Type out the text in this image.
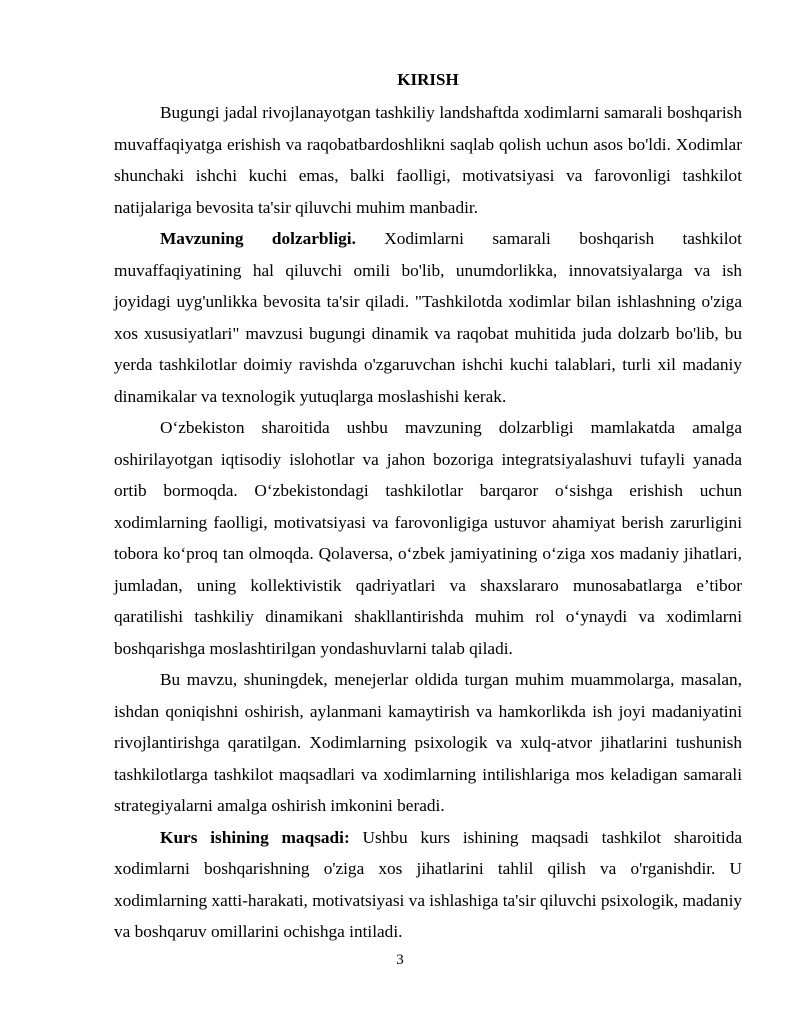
KIRISH

Bugungi jadal rivojlanayotgan tashkiliy landshaftda xodimlarni samarali boshqarish muvaffaqiyatga erishish va raqobatbardoshlikni saqlab qolish uchun asos bo'ldi. Xodimlar shunchaki ishchi kuchi emas, balki faolligi, motivatsiyasi va farovonligi tashkilot natijalariga bevosita ta'sir qiluvchi muhim manbadir.

Mavzuning dolzarbligi. Xodimlarni samarali boshqarish tashkilot muvaffaqiyatining hal qiluvchi omili bo'lib, unumdorlikka, innovatsiyalarga va ish joyidagi uyg'unlikka bevosita ta'sir qiladi. "Tashkilotda xodimlar bilan ishlashning o'ziga xos xususiyatlari" mavzusi bugungi dinamik va raqobat muhitida juda dolzarb bo'lib, bu yerda tashkilotlar doimiy ravishda o'zgaruvchan ishchi kuchi talablari, turli xil madaniy dinamikalar va texnologik yutuqlarga moslashishi kerak.

O‘zbekiston sharoitida ushbu mavzuning dolzarbligi mamlakatda amalga oshirilayotgan iqtisodiy islohotlar va jahon bozoriga integratsiyalashuvi tufayli yanada ortib bormoqda. O‘zbekistondagi tashkilotlar barqaror o‘sishga erishish uchun xodimlarning faolligi, motivatsiyasi va farovonligiga ustuvor ahamiyat berish zarurligini tobora ko‘proq tan olmoqda. Qolaversa, o‘zbek jamiyatining o‘ziga xos madaniy jihatlari, jumladan, uning kollektivistik qadriyatlari va shaxslararo munosabatlarga e’tibor qaratilishi tashkiliy dinamikani shakllantirishda muhim rol o‘ynaydi va xodimlarni boshqarishga moslashtirilgan yondashuvlarni talab qiladi.

Bu mavzu, shuningdek, menejerlar oldida turgan muhim muammolarga, masalan, ishdan qoniqishni oshirish, aylanmani kamaytirish va hamkorlikda ish joyi madaniyatini rivojlantirishga qaratilgan. Xodimlarning psixologik va xulq-atvor jihatlarini tushunish tashkilotlarga tashkilot maqsadlari va xodimlarning intilishlariga mos keladigan samarali strategiyalarni amalga oshirish imkonini beradi.

Kurs ishining maqsadi: Ushbu kurs ishining maqsadi tashkilot sharoitida xodimlarni boshqarishning o'ziga xos jihatlarini tahlil qilish va o'rganishdir. U xodimlarning xatti-harakati, motivatsiyasi va ishlashiga ta'sir qiluvchi psixologik, madaniy va boshqaruv omillarini ochishga intiladi.

3
